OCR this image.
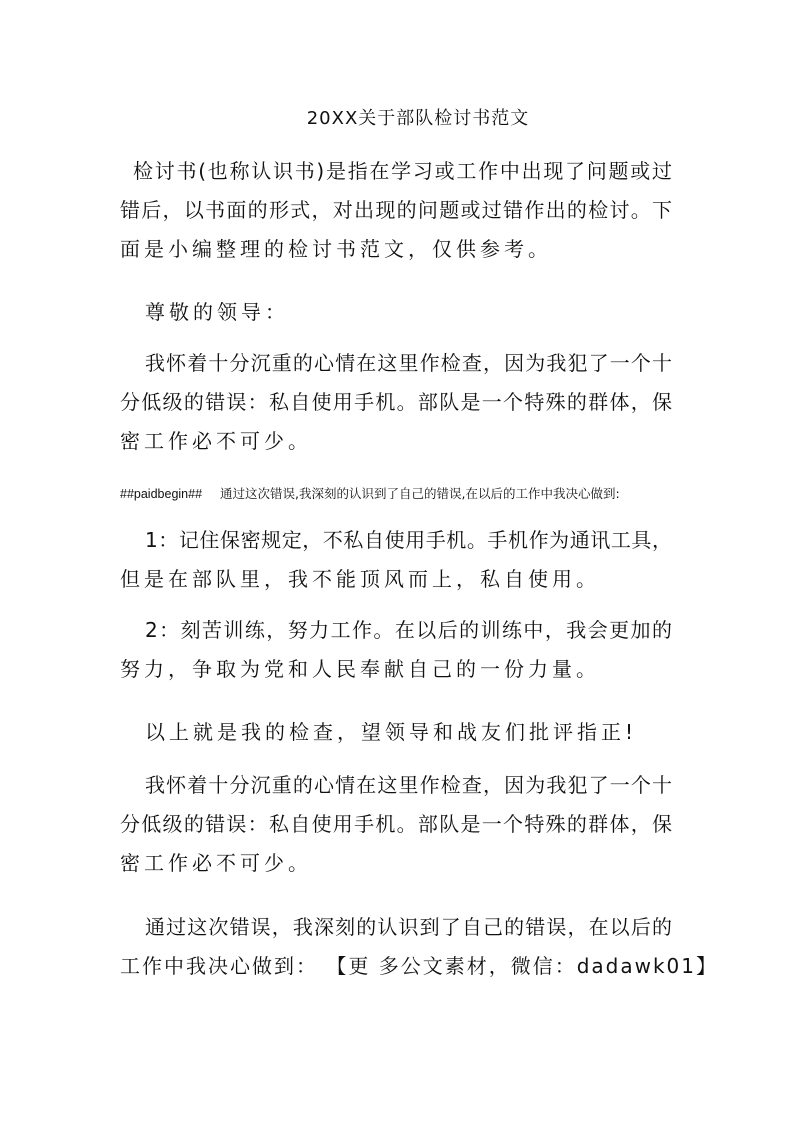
20XX关于部队检讨书范文
检讨书(也称认识书)是指在学习或工作中出现了问题或过
错后，以书面的形式，对出现的问题或过错作出的检讨。下
面是小编整理的检讨书范文，仅供参考。
尊敬的领导：
我怀着十分沉重的心情在这里作检查，因为我犯了一个十
分低级的错误：私自使用手机。部队是一个特殊的群体，保
密工作必不可少。
##paidbegin## 通过这次错误,我深刻的认识到了自己的错误,在以后的工作中我决心做到:
1：记住保密规定，不私自使用手机。手机作为通讯工具，
但是在部队里，我不能顶风而上，私自使用。
2：刻苦训练，努力工作。在以后的训练中，我会更加的
努力，争取为党和人民奉献自己的一份力量。
以上就是我的检查，望领导和战友们批评指正!
我怀着十分沉重的心情在这里作检查，因为我犯了一个十
分低级的错误：私自使用手机。部队是一个特殊的群体，保
密工作必不可少。
通过这次错误，我深刻的认识到了自己的错误，在以后的
工作中我决心做到： 【更 多公文素材，微信：dadawk01】
